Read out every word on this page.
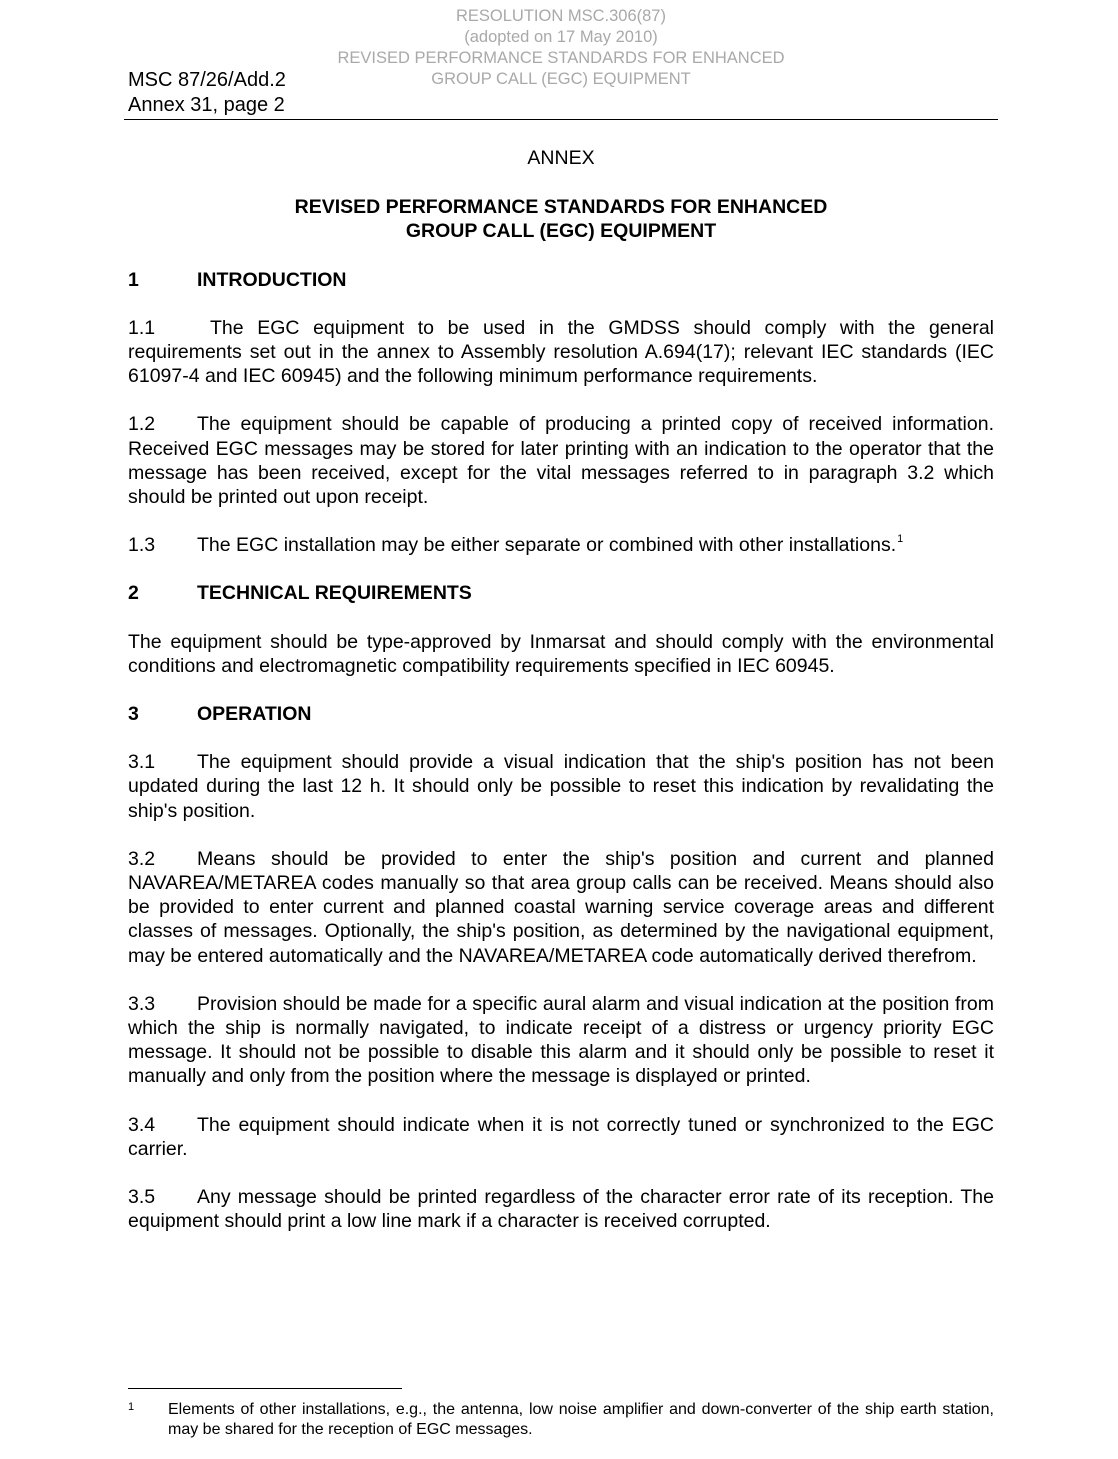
RESOLUTION MSC.306(87)
(adopted on 17 May 2010)
REVISED PERFORMANCE STANDARDS FOR ENHANCED
GROUP CALL (EGC) EQUIPMENT
MSC 87/26/Add.2
Annex 31, page 2
ANNEX
REVISED PERFORMANCE STANDARDS FOR ENHANCED
GROUP CALL (EGC) EQUIPMENT
1	INTRODUCTION
1.1	The EGC equipment to be used in the GMDSS should comply with the general requirements set out in the annex to Assembly resolution A.694(17); relevant IEC standards (IEC 61097-4 and IEC 60945) and the following minimum performance requirements.
1.2 The equipment should be capable of producing a printed copy of received information. Received EGC messages may be stored for later printing with an indication to the operator that the message has been received, except for the vital messages referred to in paragraph 3.2 which should be printed out upon receipt.
1.3 The EGC installation may be either separate or combined with other installations.$^1$
2	TECHNICAL REQUIREMENTS
The equipment should be type-approved by Inmarsat and should comply with the environmental conditions and electromagnetic compatibility requirements specified in IEC 60945.
3	OPERATION
3.1 The equipment should provide a visual indication that the ship's position has not been updated during the last 12 h. It should only be possible to reset this indication by revalidating the ship's position.
3.2 Means should be provided to enter the ship's position and current and planned NAVAREA/METAREA codes manually so that area group calls can be received. Means should also be provided to enter current and planned coastal warning service coverage areas and different classes of messages. Optionally, the ship's position, as determined by the navigational equipment, may be entered automatically and the NAVAREA/METAREA code automatically derived therefrom.
3.3 Provision should be made for a specific aural alarm and visual indication at the position from which the ship is normally navigated, to indicate receipt of a distress or urgency priority EGC message. It should not be possible to disable this alarm and it should only be possible to reset it manually and only from the position where the message is displayed or printed.
3.4 The equipment should indicate when it is not correctly tuned or synchronized to the EGC carrier.
3.5 Any message should be printed regardless of the character error rate of its reception. The equipment should print a low line mark if a character is received corrupted.
1 Elements of other installations, e.g., the antenna, low noise amplifier and down-converter of the ship earth station, may be shared for the reception of EGC messages.
